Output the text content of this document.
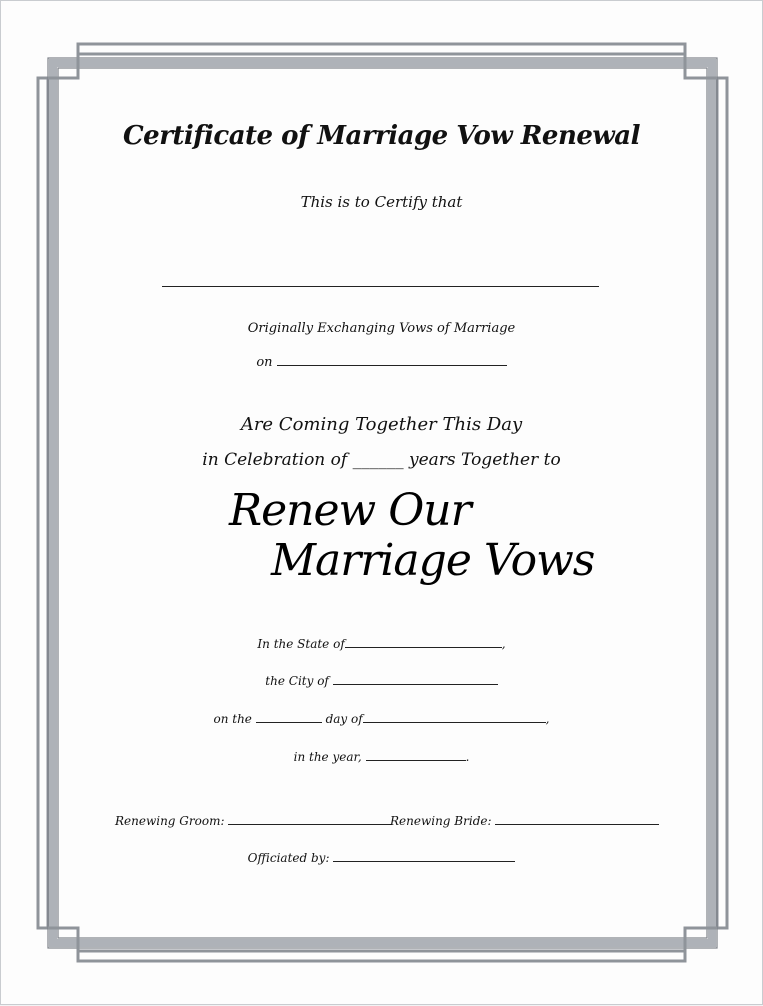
Certificate of Marriage Vow Renewal
This is to Certify that
Originally Exchanging Vows of Marriage
on
Are Coming Together This Day
in Celebration of ______ years Together to
Renew Our
Marriage Vows
In the State of	,
the City of
on the	day of	,
in the year,	.
Renewing Groom:	Renewing Bride:
Officiated by:
